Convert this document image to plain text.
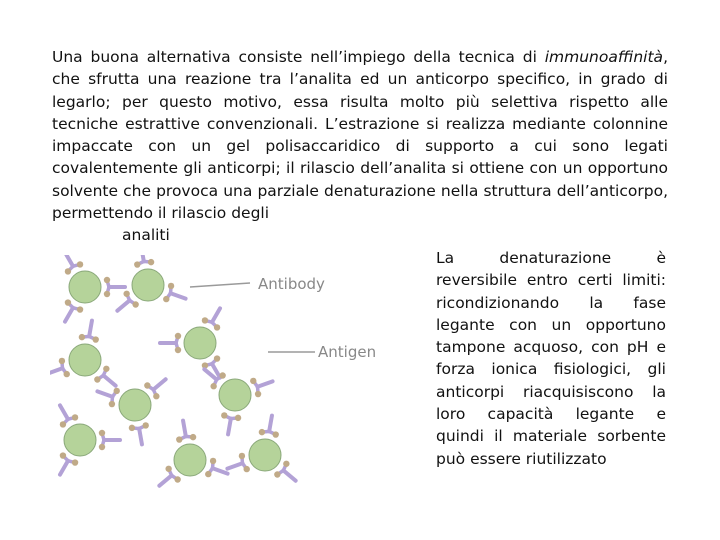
Una buona alternativa consiste nell’impiego della tecnica di immunoaffinità, che sfrutta una reazione tra l’analita ed un anticorpo specifico, in grado di legarlo; per questo motivo, essa risulta molto più selettiva rispetto alle tecniche estrattive convenzionali. L’estrazione si realizza mediante colonnine impaccate con un gel polisaccaridico di supporto a cui sono legati covalentemente gli anticorpi; il rilascio dell’analita si ottiene con un opportuno solvente che provoca una parziale denaturazione nella struttura dell’anticorpo, permettendo il rilascio degli
analiti

Antibody
Antigen

La denaturazione è reversibile entro certi limiti: ricondizionando la fase legante con un opportuno tampone acquoso, con pH e forza ionica fisiologici, gli anticorpi riacquisiscono la loro capacità legante e quindi il materiale sorbente può essere riutilizzato
